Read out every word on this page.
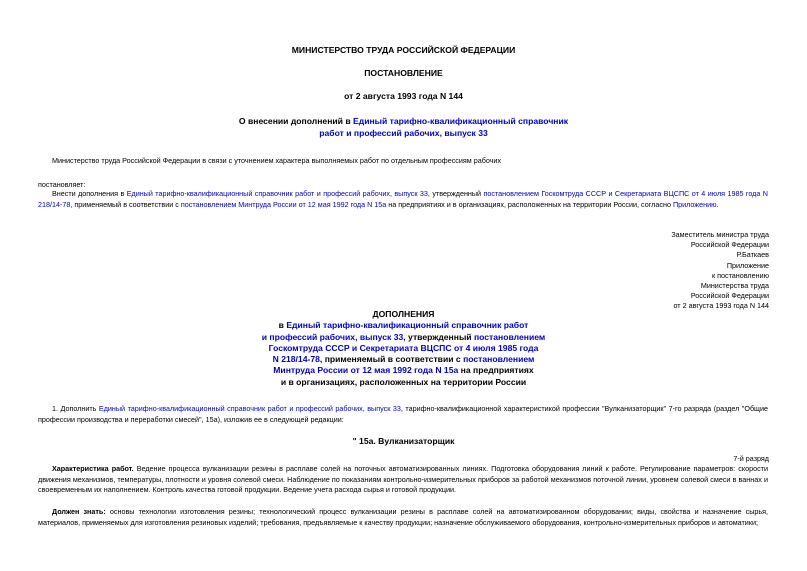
МИНИСТЕРСТВО ТРУДА РОССИЙСКОЙ ФЕДЕРАЦИИ
ПОСТАНОВЛЕНИЕ
от 2 августа 1993 года N 144
О внесении дополнений в Единый тарифно-квалификационный справочник
работ и профессий рабочих, выпуск 33
Министерство труда Российской Федерации в связи с уточнением характера выполняемых работ по отдельным профессиям рабочих
постановляет:
Внести дополнения в Единый тарифно-квалификационный справочник работ и профессий рабочих, выпуск 33, утвержденный постановлением Госкомтруда СССР и Секретариата ВЦСПС от 4 июля 1985 года N 218/14-78, применяемый в соответствии с постановлением Минтруда России от 12 мая 1992 года N 15а на предприятиях и в организациях, расположенных на территории России, согласно Приложению.
Заместитель министра труда
Российской Федерации
Р.Баткаев
Приложение
к постановлению
Министерства труда
Российской Федерации
от 2 августа 1993 года N 144
ДОПОЛНЕНИЯ
в Единый тарифно-квалификационный справочник работ
и профессий рабочих, выпуск 33, утвержденный постановлением
Госкомтруда СССР и Секретариата ВЦСПС от 4 июля 1985 года
N 218/14-78, применяемый в соответствии с постановлением
Минтруда России от 12 мая 1992 года N 15а на предприятиях
и в организациях, расположенных на территории России
1. Дополнить Единый тарифно-квалификационный справочник работ и профессий рабочих, выпуск 33, тарифно-квалификационной характеристикой профессии "Вулканизаторщик" 7-го разряда (раздел "Общие профессии производства и переработки смесей", 15а), изложив ее в следующей редакции:
" 15а. Вулканизаторщик
7-й разряд
Характеристика работ. Ведение процесса вулканизации резины в расплаве солей на поточных автоматизированных линиях. Подготовка оборудования линий к работе. Регулирование параметров: скорости движения механизмов, температуры, плотности и уровня солевой смеси. Наблюдение по показаниям контрольно-измерительных приборов за работой механизмов поточной линии, уровнем солевой смеси в ваннах и своевременным их наполнением. Контроль качества готовой продукции. Ведение учета расхода сырья и готовой продукции.
Должен знать: основы технологии изготовления резины; технологический процесс вулканизации резины в расплаве солей на автоматизированном оборудовании; виды, свойства и назначение сырья, материалов, применяемых для изготовления резиновых изделий; требования, предъявляемые к качеству продукции; назначение обслуживаемого оборудования, контрольно-измерительных приборов и автоматики;
